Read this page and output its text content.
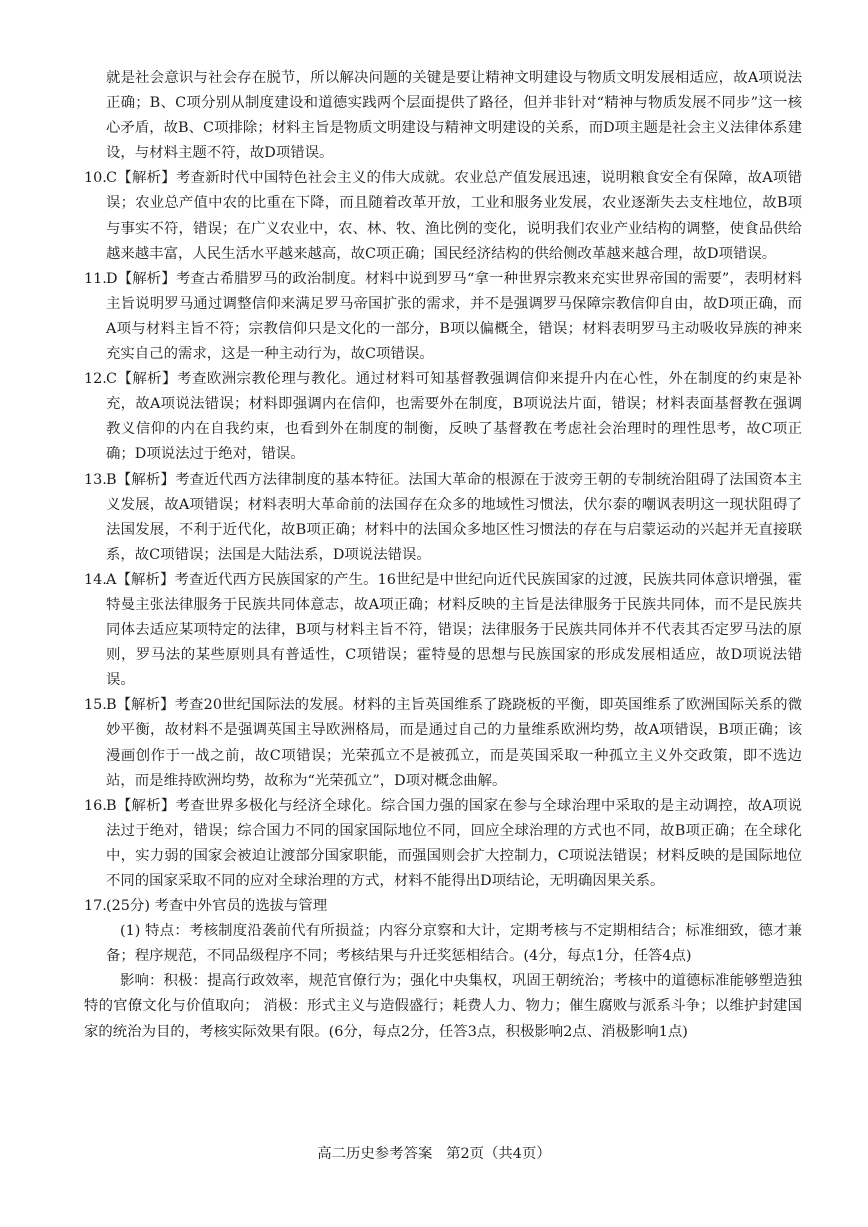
就是社会意识与社会存在脱节，所以解决问题的关键是要让精神文明建设与物质文明发展相适应，故A项说法正确；B、C项分别从制度建设和道德实践两个层面提供了路径，但并非针对“精神与物质发展不同步”这一核心矛盾，故B、C项排除；材料主旨是物质文明建设与精神文明建设的关系，而D项主题是社会主义法律体系建设，与材料主题不符，故D项错误。

10. C【解析】考查新时代中国特色社会主义的伟大成就。农业总产值发展迅速，说明粮食安全有保障，故A项错误；农业总产值中农的比重在下降，而且随着改革开放，工业和服务业发展，农业逐渐失去支柱地位，故B项与事实不符，错误；在广义农业中，农、林、牧、渔比例的变化，说明我们农业产业结构的调整，使食品供给越来越丰富，人民生活水平越来越高，故C项正确；国民经济结构的供给侧改革越来越合理，故D项错误。
11. D【解析】考查古希腊罗马的政治制度。材料中说到罗马“拿一种世界宗教来充实世界帝国的需要”，表明材料主旨说明罗马通过调整信仰来满足罗马帝国扩张的需求，并不是强调罗马保障宗教信仰自由，故D项正确，而A项与材料主旨不符；宗教信仰只是文化的一部分，B项以偏概全，错误；材料表明罗马主动吸收异族的神来充实自己的需求，这是一种主动行为，故C项错误。
12. C【解析】考查欧洲宗教伦理与教化。通过材料可知基督教强调信仰来提升内在心性，外在制度的约束是补充，故A项说法错误；材料即强调内在信仰，也需要外在制度，B项说法片面，错误；材料表面基督教在强调教义信仰的内在自我约束，也看到外在制度的制衡，反映了基督教在考虑社会治理时的理性思考，故C项正确；D项说法过于绝对，错误。
13. B【解析】考查近代西方法律制度的基本特征。法国大革命的根源在于波旁王朝的专制统治阻碍了法国资本主义发展，故A项错误；材料表明大革命前的法国存在众多的地域性习惯法，伏尔泰的嘲讽表明这一现状阻碍了法国发展，不利于近代化，故B项正确；材料中的法国众多地区性习惯法的存在与启蒙运动的兴起并无直接联系，故C项错误；法国是大陆法系，D项说法错误。
14. A【解析】考查近代西方民族国家的产生。16世纪是中世纪向近代民族国家的过渡，民族共同体意识增强，霍特曼主张法律服务于民族共同体意志，故A项正确；材料反映的主旨是法律服务于民族共同体，而不是民族共同体去适应某项特定的法律，B项与材料主旨不符，错误；法律服务于民族共同体并不代表其否定罗马法的原则，罗马法的某些原则具有普适性，C项错误；霍特曼的思想与民族国家的形成发展相适应，故D项说法错误。
15. B【解析】考查20世纪国际法的发展。材料的主旨英国维系了跷跷板的平衡，即英国维系了欧洲国际关系的微妙平衡，故材料不是强调英国主导欧洲格局，而是通过自己的力量维系欧洲均势，故A项错误，B项正确；该漫画创作于一战之前，故C项错误；光荣孤立不是被孤立，而是英国采取一种孤立主义外交政策，即不选边站，而是维持欧洲均势，故称为“光荣孤立”，D项对概念曲解。
16. B【解析】考查世界多极化与经济全球化。综合国力强的国家在参与全球治理中采取的是主动调控，故A项说法过于绝对，错误；综合国力不同的国家国际地位不同，回应全球治理的方式也不同，故B项正确；在全球化中，实力弱的国家会被迫让渡部分国家职能，而强国则会扩大控制力，C项说法错误；材料反映的是国际地位不同的国家采取不同的应对全球治理的方式，材料不能得出D项结论，无明确因果关系。
17. (25分) 考查中外官员的选拔与管理

(1) 特点：考核制度沿袭前代有所损益；内容分京察和大计，定期考核与不定期相结合；标准细致，德才兼备；程序规范，不同品级程序不同；考核结果与升迁奖惩相结合。(4分，每点1分，任答4点)

影响：积极：提高行政效率，规范官僚行为；强化中央集权，巩固王朝统治；考核中的道德标准能够塑造独特的官僚文化与价值取向； 消极：形式主义与造假盛行；耗费人力、物力；催生腐败与派系斗争；以维护封建国家的统治为目的，考核实际效果有限。(6分，每点2分，任答3点，积极影响2点、消极影响1点)

高二历史参考答案   第2页（共4页）
